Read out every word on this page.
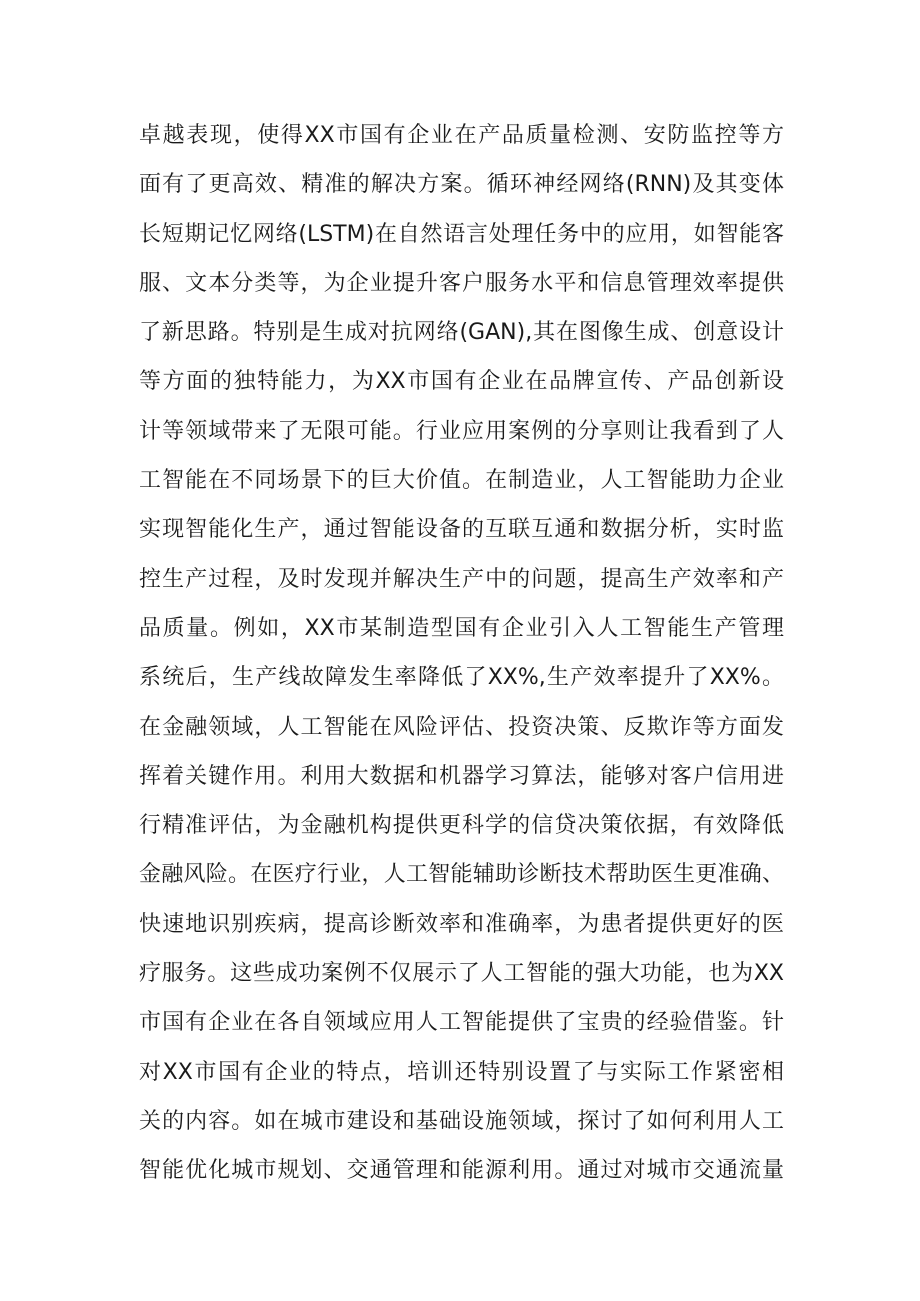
卓越表现，使得XX市国有企业在产品质量检测、安防监控等方
面有了更高效、精准的解决方案。循环神经网络(RNN)及其变体
长短期记忆网络(LSTM)在自然语言处理任务中的应用，如智能客
服、文本分类等，为企业提升客户服务水平和信息管理效率提供
了新思路。特别是生成对抗网络(GAN),其在图像生成、创意设计
等方面的独特能力，为XX市国有企业在品牌宣传、产品创新设
计等领域带来了无限可能。行业应用案例的分享则让我看到了人
工智能在不同场景下的巨大价值。在制造业，人工智能助力企业
实现智能化生产，通过智能设备的互联互通和数据分析，实时监
控生产过程，及时发现并解决生产中的问题，提高生产效率和产
品质量。例如，XX市某制造型国有企业引入人工智能生产管理
系统后，生产线故障发生率降低了XX%,生产效率提升了XX%。
在金融领域，人工智能在风险评估、投资决策、反欺诈等方面发
挥着关键作用。利用大数据和机器学习算法，能够对客户信用进
行精准评估，为金融机构提供更科学的信贷决策依据，有效降低
金融风险。在医疗行业，人工智能辅助诊断技术帮助医生更准确、
快速地识别疾病，提高诊断效率和准确率，为患者提供更好的医
疗服务。这些成功案例不仅展示了人工智能的强大功能，也为XX
市国有企业在各自领域应用人工智能提供了宝贵的经验借鉴。针
对XX市国有企业的特点，培训还特别设置了与实际工作紧密相
关的内容。如在城市建设和基础设施领域，探讨了如何利用人工
智能优化城市规划、交通管理和能源利用。通过对城市交通流量
